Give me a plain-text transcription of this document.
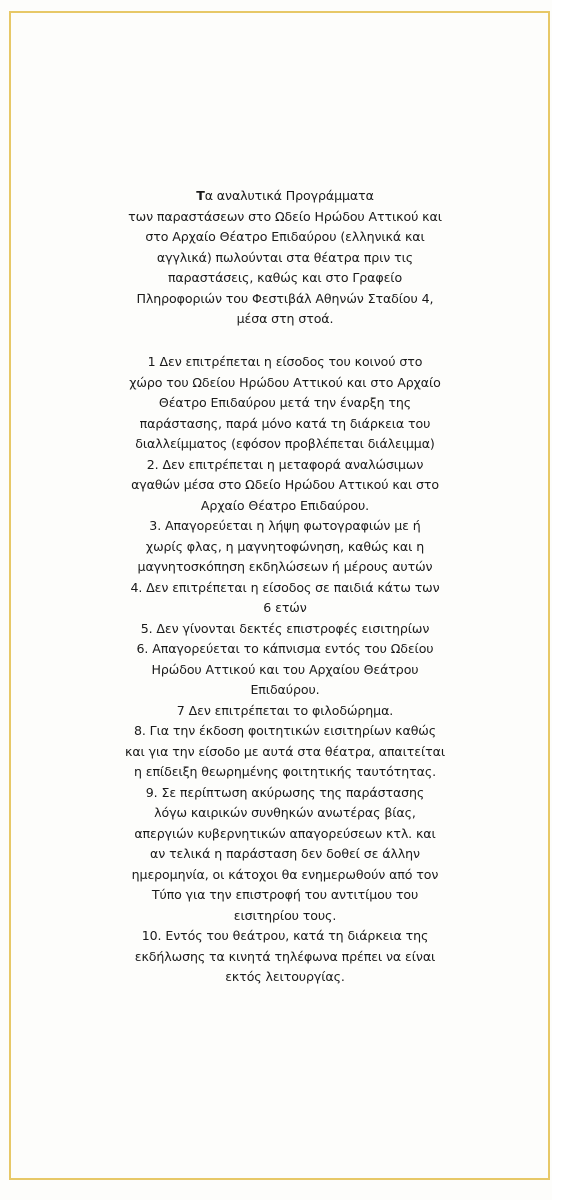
Τα αναλυτικά Προγράμματα
των παραστάσεων στο Ωδείο Ηρώδου Αττικού και
στο Αρχαίο Θέατρο Επιδαύρου (ελληνικά και
αγγλικά) πωλούνται στα θέατρα πριν τις
παραστάσεις, καθώς και στο Γραφείο
Πληροφοριών του Φεστιβάλ Αθηνών Σταδίου 4,
μέσα στη στοά.
1 Δεν επιτρέπεται η είσοδος του κοινού στο
χώρο του Ωδείου Ηρώδου Αττικού και στο Αρχαίο
Θέατρο Επιδαύρου μετά την έναρξη της
παράστασης, παρά μόνο κατά τη διάρκεια του
διαλλείμματος (εφόσον προβλέπεται διάλειμμα)
2. Δεν επιτρέπεται η μεταφορά αναλώσιμων
αγαθών μέσα στο Ωδείο Ηρώδου Αττικού και στο
Αρχαίο Θέατρο Επιδαύρου.
3. Απαγορεύεται η λήψη φωτογραφιών με ή
χωρίς φλας, η μαγνητοφώνηση, καθώς και η
μαγνητοσκόπηση εκδηλώσεων ή μέρους αυτών
4. Δεν επιτρέπεται η είσοδος σε παιδιά κάτω των
6 ετών
5. Δεν γίνονται δεκτές επιστροφές εισιτηρίων
6. Απαγορεύεται το κάπνισμα εντός του Ωδείου
Ηρώδου Αττικού και του Αρχαίου Θεάτρου
Επιδαύρου.
7 Δεν επιτρέπεται το φιλοδώρημα.
8. Για την έκδοση φοιτητικών εισιτηρίων καθώς
και για την είσοδο με αυτά στα θέατρα, απαιτείται
η επίδειξη θεωρημένης φοιτητικής ταυτότητας.
9. Σε περίπτωση ακύρωσης της παράστασης
λόγω καιρικών συνθηκών ανωτέρας βίας,
απεργιών κυβερνητικών απαγορεύσεων κτλ. και
αν τελικά η παράσταση δεν δοθεί σε άλλην
ημερομηνία, οι κάτοχοι θα ενημερωθούν από τον
Τύπο για την επιστροφή του αντιτίμου του
εισιτηρίου τους.
10. Εντός του θεάτρου, κατά τη διάρκεια της
εκδήλωσης τα κινητά τηλέφωνα πρέπει να είναι
εκτός λειτουργίας.
